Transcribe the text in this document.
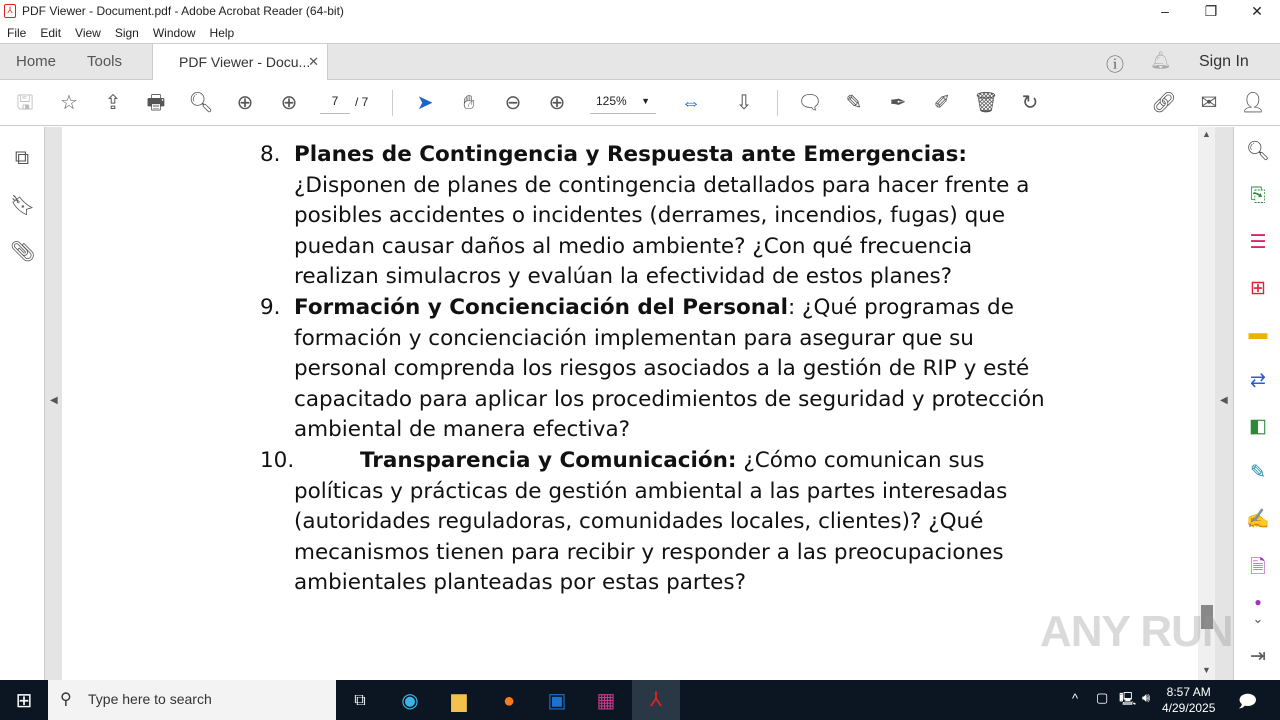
⅄ PDF Viewer - Document.pdf - Adobe Acrobat Reader (64-bit)	–	❐	✕
File Edit View Sign Window Help
Home Tools	PDF Viewer - Docu...
✕	ⓘ 🔔︎ Sign In
🖫 ☆ ⇪ 🖶 🔍︎ ⊕ ⊕	7	/ 7 ➤	✋︎	⊖ ⊕	125% ▼ ⇔ ⇩ 🗨︎ ✎ ✒ ✐ 🗑︎ ↻	🔗︎ ✉ 👤︎
⧉
🔖︎
📎︎
◀
8. Planes de Contingencia y Respuesta ante Emergencias: ¿Disponen de planes de contingencia detallados para hacer frente a posibles accidentes o incidentes (derrames, incendios, fugas) que puedan causar daños al medio ambiente? ¿Con qué frecuencia realizan simulacros y evalúan la efectividad de estos planes?
9. Formación y Concienciación del Personal: ¿Qué programas de formación y concienciación implementan para asegurar que su personal comprenda los riesgos asociados a la gestión de RIP y esté capacitado para aplicar los procedimientos de seguridad y protección ambiental de manera efectiva?
10.	Transparencia y Comunicación: ¿Cómo comunican sus políticas y prácticas de gestión ambiental a las partes interesadas (autoridades reguladoras, comunidades locales, clientes)? ¿Qué mecanismos tienen para recibir y responder a las preocupaciones ambientales planteadas por estas partes?
▲
▼
◀
ANY RUN
🔍︎
⎘
☰
⊞
▬
⇄
◧
✎
✍
🗎︎
●
⌄
⇥
⊞	⚲ Type here to search	⧉	◉	▆	●	▣	▦	⅄	^ ▢ 🖳︎ 🔊︎	8:57 AM
4/29/2025 🗩︎
